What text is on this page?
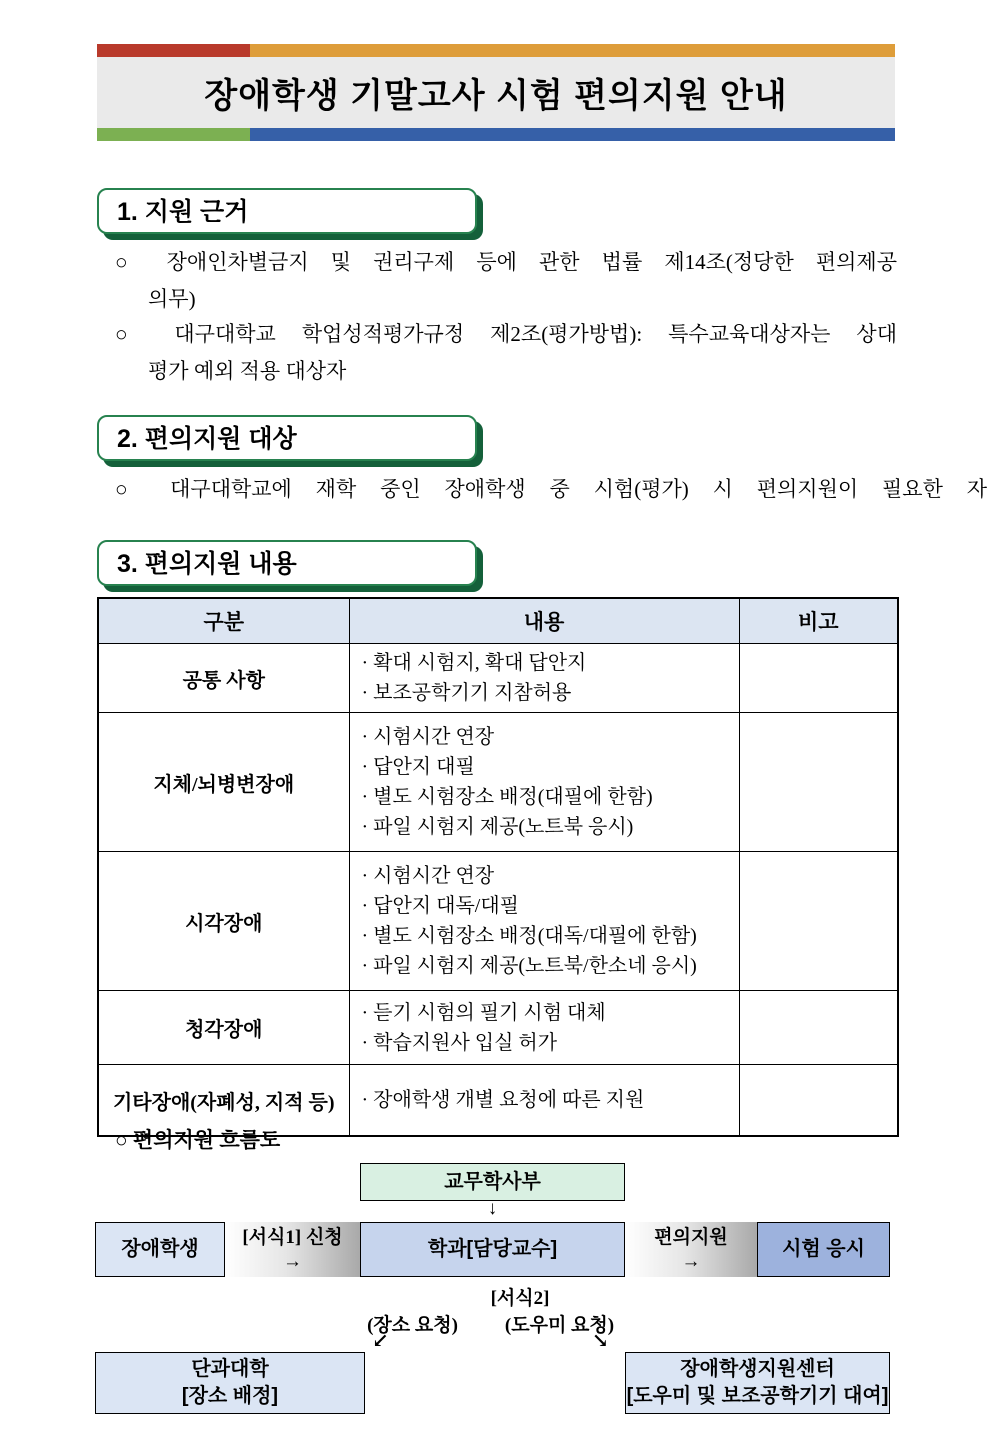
장애학생 기말고사 시험 편의지원 안내
1. 지원 근거
○ 장애인차별금지 및 권리구제 등에 관한 법률 제14조(정당한 편의제공
의무)
○ 대구대학교 학업성적평가규정 제2조(평가방법): 특수교육대상자는 상대
평가 예외 적용 대상자
2. 편의지원 대상
○ 대구대학교에 재학 중인 장애학생 중 시험(평가) 시 편의지원이 필요한 자
3. 편의지원 내용
구분	내용	비고
공통 사항	· 확대 시험지, 확대 답안지
· 보조공학기기 지참허용	

지체/뇌병변장애	· 시험시간 연장
· 답안지 대필
· 별도 시험장소 배정(대필에 한함)
· 파일 시험지 제공(노트북 응시)	

시각장애	· 시험시간 연장
· 답안지 대독/대필
· 별도 시험장소 배정(대독/대필에 한함)
· 파일 시험지 제공(노트북/한소네 응시)	

청각장애	· 듣기 시험의 필기 시험 대체
· 학습지원사 입실 허가	

기타장애(자폐성, 지적 등)	· 장애학생 개별 요청에 따른 지원	

○ 편의지원 흐름도
교무학사부
↓
장애학생
[서식1] 신청
→
학과[담당교수]
편의지원
→
시험 응시
[서식2]
(장소 요청)	(도우미 요청)
↙	↘
단과대학
[장소 배정]
장애학생지원센터
[도우미 및 보조공학기기 대여]
